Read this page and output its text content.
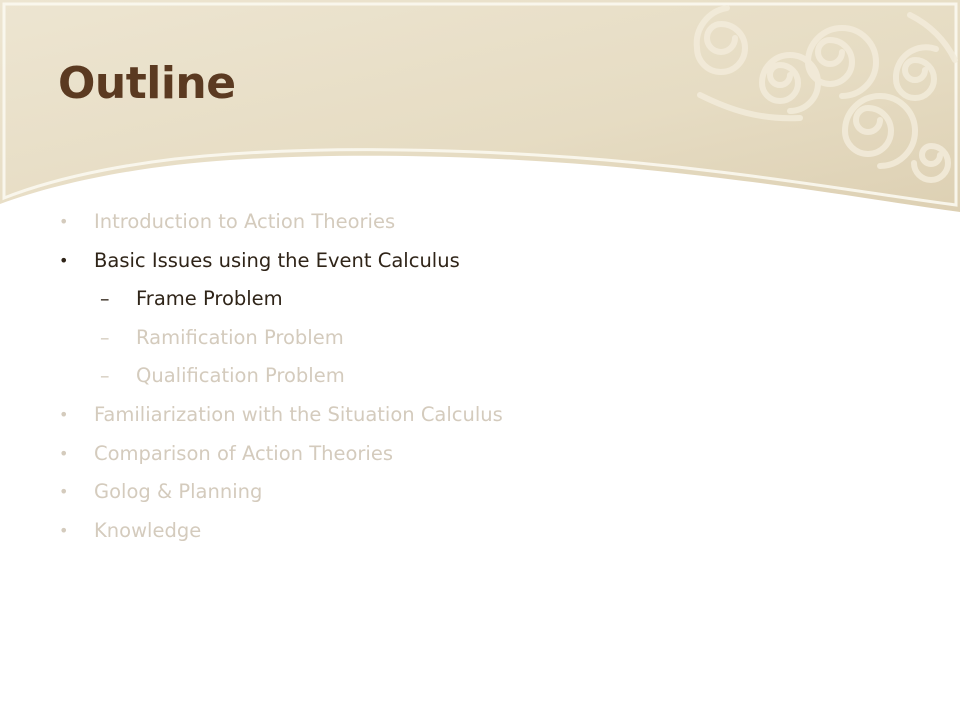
Outline
• Introduction to Action Theories
• Basic Issues using the Event Calculus
– Frame Problem
– Ramification Problem
– Qualification Problem
• Familiarization with the Situation Calculus
• Comparison of Action Theories
• Golog & Planning
• Knowledge
